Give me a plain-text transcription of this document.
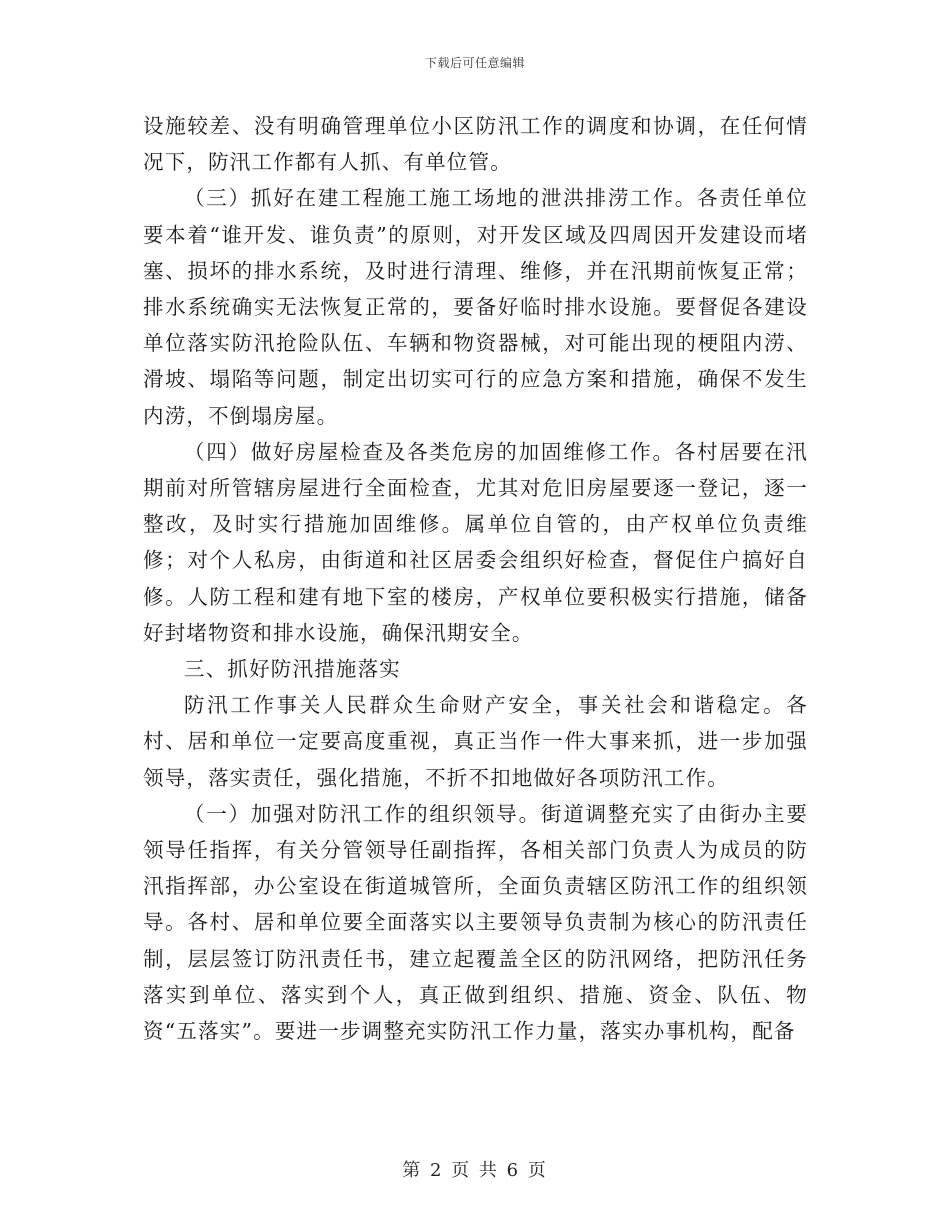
下载后可任意编辑

设施较差、没有明确管理单位小区防汛工作的调度和协调，在任何情况下，防汛工作都有人抓、有单位管。

（三）抓好在建工程施工施工场地的泄洪排涝工作。各责任单位要本着“谁开发、谁负责”的原则，对开发区域及四周因开发建设而堵塞、损坏的排水系统，及时进行清理、维修，并在汛期前恢复正常；排水系统确实无法恢复正常的，要备好临时排水设施。要督促各建设单位落实防汛抢险队伍、车辆和物资器械，对可能出现的梗阻内涝、滑坡、塌陷等问题，制定出切实可行的应急方案和措施，确保不发生内涝，不倒塌房屋。

（四）做好房屋检查及各类危房的加固维修工作。各村居要在汛期前对所管辖房屋进行全面检查，尤其对危旧房屋要逐一登记，逐一整改，及时实行措施加固维修。属单位自管的，由产权单位负责维修；对个人私房，由街道和社区居委会组织好检查，督促住户搞好自修。人防工程和建有地下室的楼房，产权单位要积极实行措施，储备好封堵物资和排水设施，确保汛期安全。

三、抓好防汛措施落实

防汛工作事关人民群众生命财产安全，事关社会和谐稳定。各村、居和单位一定要高度重视，真正当作一件大事来抓，进一步加强领导，落实责任，强化措施，不折不扣地做好各项防汛工作。

（一）加强对防汛工作的组织领导。街道调整充实了由街办主要领导任指挥，有关分管领导任副指挥，各相关部门负责人为成员的防汛指挥部，办公室设在街道城管所，全面负责辖区防汛工作的组织领导。各村、居和单位要全面落实以主要领导负责制为核心的防汛责任制，层层签订防汛责任书，建立起覆盖全区的防汛网络，把防汛任务落实到单位、落实到个人，真正做到组织、措施、资金、队伍、物资“五落实”。要进一步调整充实防汛工作力量，落实办事机构，配备

第 2 页 共 6 页
